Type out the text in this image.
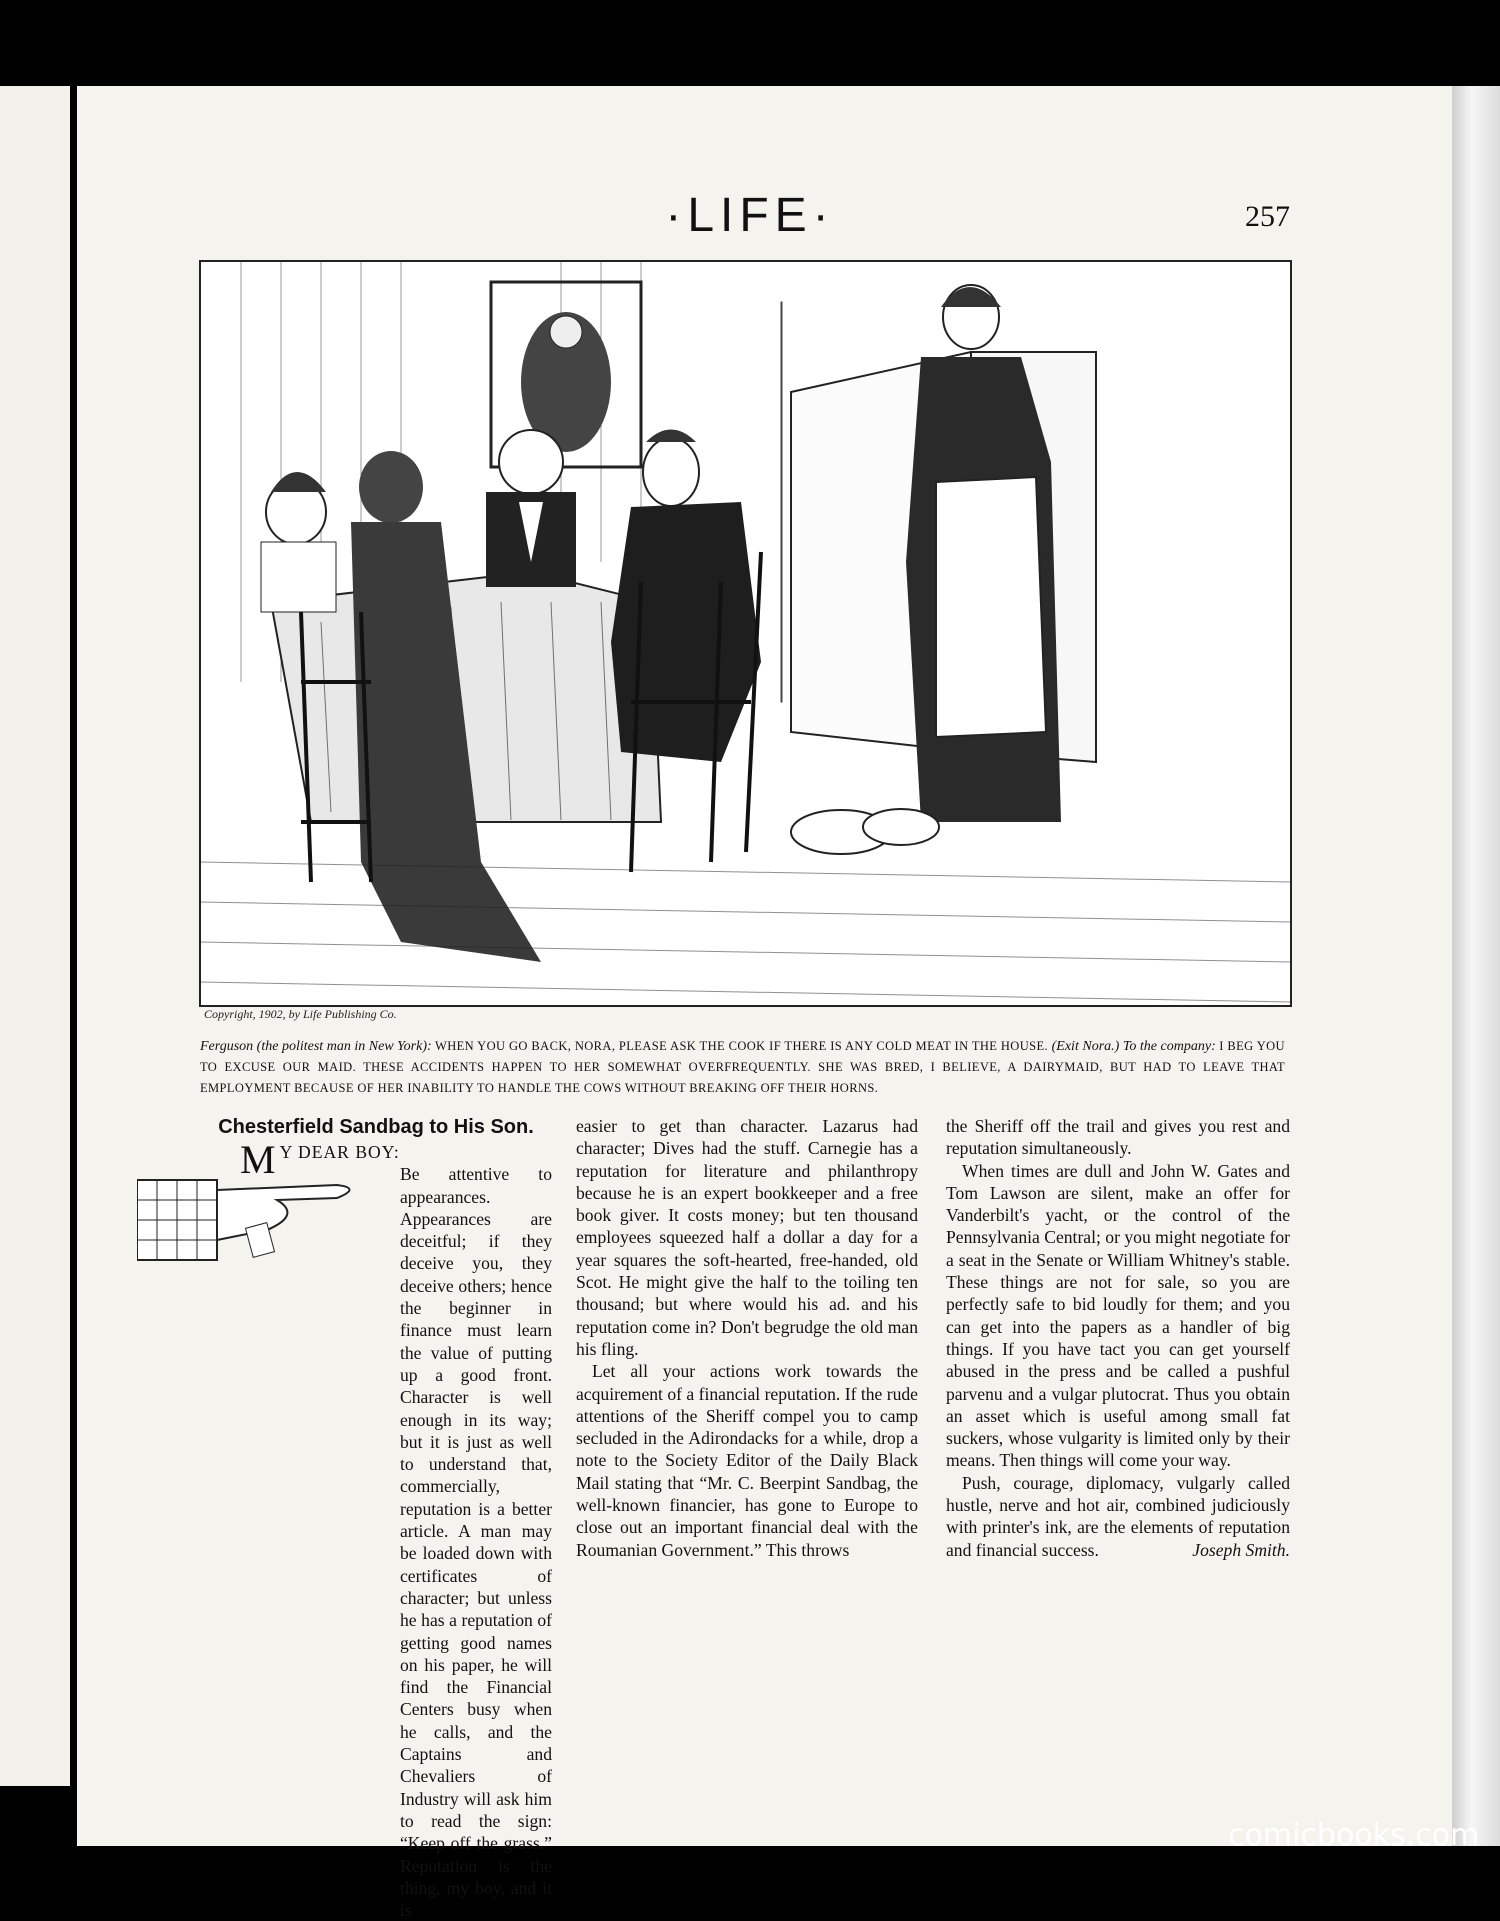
·LIFE·	257
Copyright, 1902, by Life Publishing Co.
Ferguson (the politest man in New York): WHEN YOU GO BACK, NORA, PLEASE ASK THE COOK IF THERE IS ANY COLD MEAT IN THE HOUSE. (Exit Nora.) To the company: I BEG YOU TO EXCUSE OUR MAID. THESE ACCIDENTS HAPPEN TO HER SOMEWHAT OVERFREQUENTLY. SHE WAS BRED, I BELIEVE, A DAIRYMAID, BUT HAD TO LEAVE THAT EMPLOYMENT BECAUSE OF HER INABILITY TO HANDLE THE COWS WITHOUT BREAKING OFF THEIR HORNS.
Chesterfield Sandbag to His Son.
M Y DEAR BOY:

Be attentive to appearances. Appearances are deceitful; if they deceive you, they deceive others; hence the beginner in finance must learn the value of putting up a good front. Character is well enough in its way; but it is just as well to understand that, commercially, reputation is a better article. A man may be loaded down with certificates of character; but unless he has a reputation of getting good names on his paper, he will find the Financial Centers busy when he calls, and the Captains and Chevaliers of Industry will ask him to read the sign: “Keep off the grass.” Reputation is the thing, my boy, and it is

easier to get than character. Lazarus had character; Dives had the stuff. Carnegie has a reputation for literature and philanthropy because he is an expert bookkeeper and a free book giver. It costs money; but ten thousand employees squeezed half a dollar a day for a year squares the soft-hearted, free-handed, old Scot. He might give the half to the toiling ten thousand; but where would his ad. and his reputation come in? Don't begrudge the old man his fling.

Let all your actions work towards the acquirement of a financial reputation. If the rude attentions of the Sheriff compel you to camp secluded in the Adirondacks for a while, drop a note to the Society Editor of the Daily Black Mail stating that “Mr. C. Beerpint Sandbag, the well-known financier, has gone to Europe to close out an important financial deal with the Roumanian Government.” This throws

the Sheriff off the trail and gives you rest and reputation simultaneously.

When times are dull and John W. Gates and Tom Lawson are silent, make an offer for Vanderbilt's yacht, or the control of the Pennsylvania Central; or you might negotiate for a seat in the Senate or William Whitney's stable. These things are not for sale, so you are perfectly safe to bid loudly for them; and you can get into the papers as a handler of big things. If you have tact you can get yourself abused in the press and be called a pushful parvenu and a vulgar plutocrat. Thus you obtain an asset which is useful among small fat suckers, whose vulgarity is limited only by their means. Then things will come your way.

Push, courage, diplomacy, vulgarly called hustle, nerve and hot air, combined judiciously with printer's ink, are the elements of reputation and financial success.	Joseph Smith.

comicbooks.com
